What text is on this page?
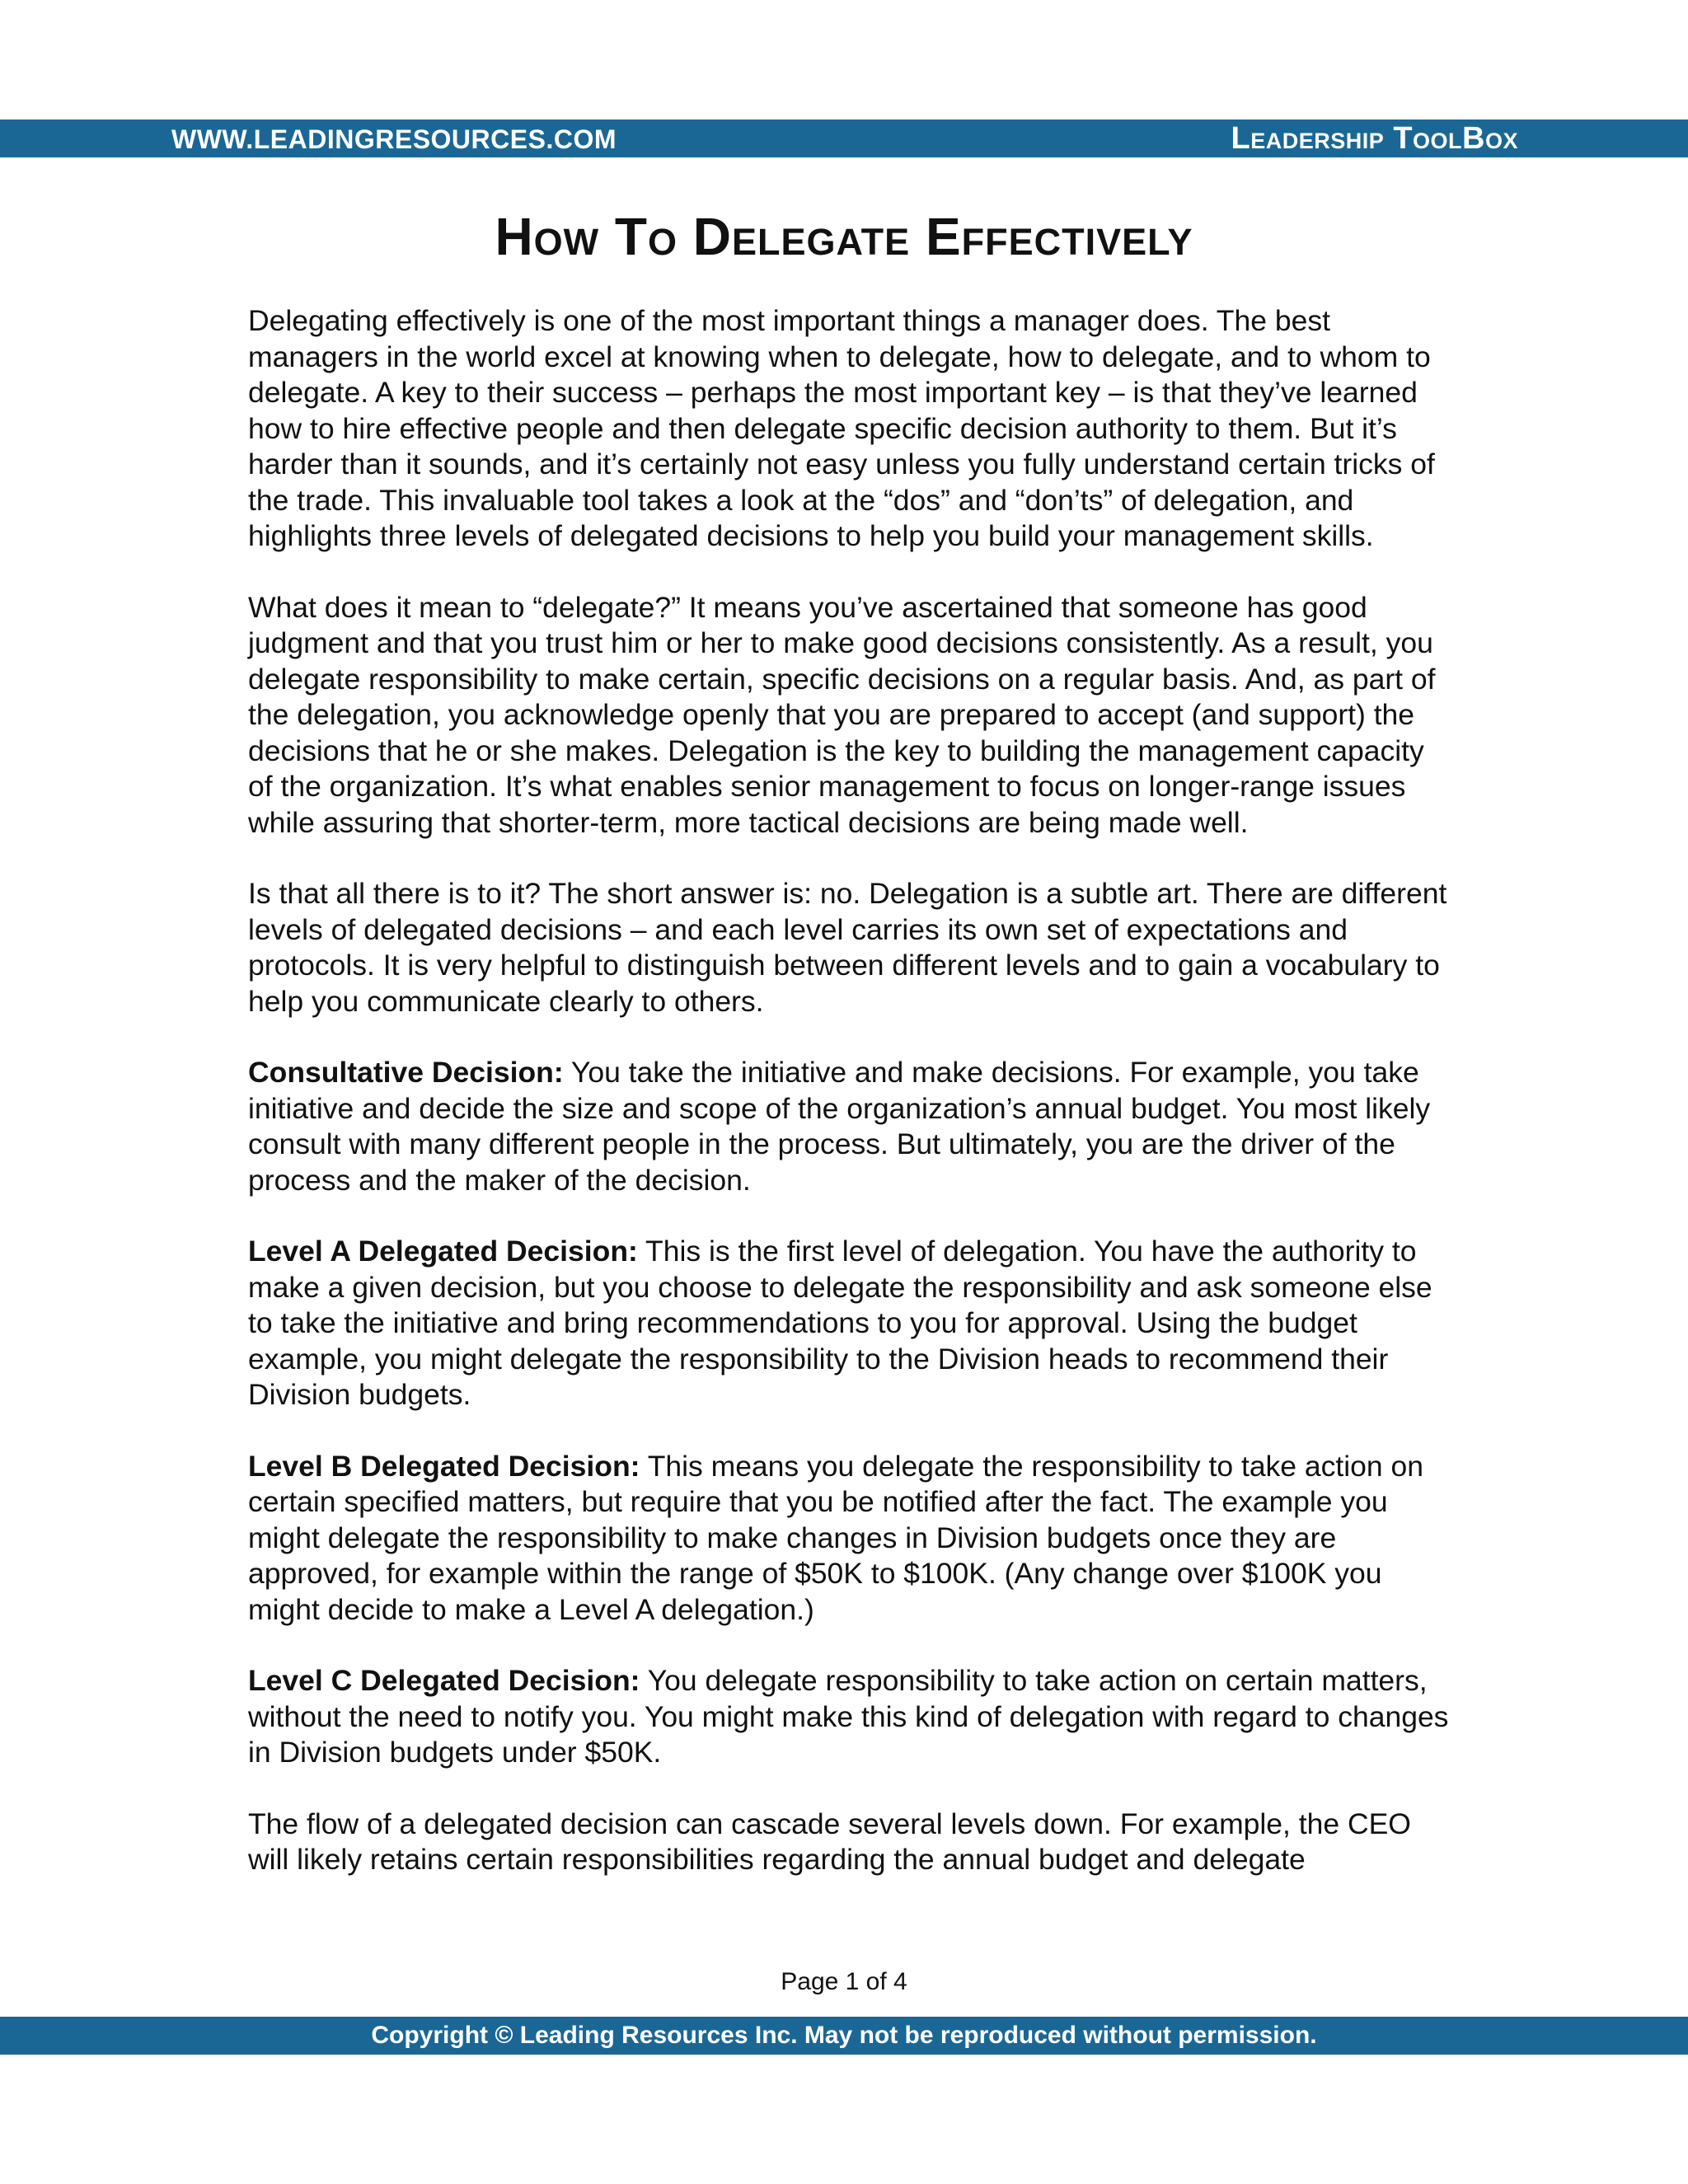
WWW.LEADINGRESOURCES.COM	Leadership ToolBox
How To Delegate Effectively

Delegating effectively is one of the most important things a manager does. The best managers in the world excel at knowing when to delegate, how to delegate, and to whom to delegate. A key to their success – perhaps the most important key – is that they’ve learned how to hire effective people and then delegate specific decision authority to them. But it’s harder than it sounds, and it’s certainly not easy unless you fully understand certain tricks of the trade. This invaluable tool takes a look at the “dos” and “don’ts” of delegation, and highlights three levels of delegated decisions to help you build your management skills.

What does it mean to “delegate?” It means you’ve ascertained that someone has good judgment and that you trust him or her to make good decisions consistently. As a result, you delegate responsibility to make certain, specific decisions on a regular basis. And, as part of the delegation, you acknowledge openly that you are prepared to accept (and support) the decisions that he or she makes. Delegation is the key to building the management capacity of the organization. It’s what enables senior management to focus on longer-range issues while assuring that shorter-term, more tactical decisions are being made well.

Is that all there is to it? The short answer is: no. Delegation is a subtle art. There are different levels of delegated decisions – and each level carries its own set of expectations and protocols. It is very helpful to distinguish between different levels and to gain a vocabulary to help you communicate clearly to others.

Consultative Decision: You take the initiative and make decisions. For example, you take initiative and decide the size and scope of the organization’s annual budget. You most likely consult with many different people in the process. But ultimately, you are the driver of the process and the maker of the decision.

Level A Delegated Decision: This is the first level of delegation. You have the authority to make a given decision, but you choose to delegate the responsibility and ask someone else to take the initiative and bring recommendations to you for approval. Using the budget example, you might delegate the responsibility to the Division heads to recommend their Division budgets.

Level B Delegated Decision: This means you delegate the responsibility to take action on certain specified matters, but require that you be notified after the fact. The example you might delegate the responsibility to make changes in Division budgets once they are approved, for example within the range of $50K to $100K. (Any change over $100K you might decide to make a Level A delegation.)

Level C Delegated Decision: You delegate responsibility to take action on certain matters, without the need to notify you. You might make this kind of delegation with regard to changes in Division budgets under $50K.

The flow of a delegated decision can cascade several levels down. For example, the CEO will likely retains certain responsibilities regarding the annual budget and delegate

Page 1 of 4
Copyright © Leading Resources Inc. May not be reproduced without permission.
